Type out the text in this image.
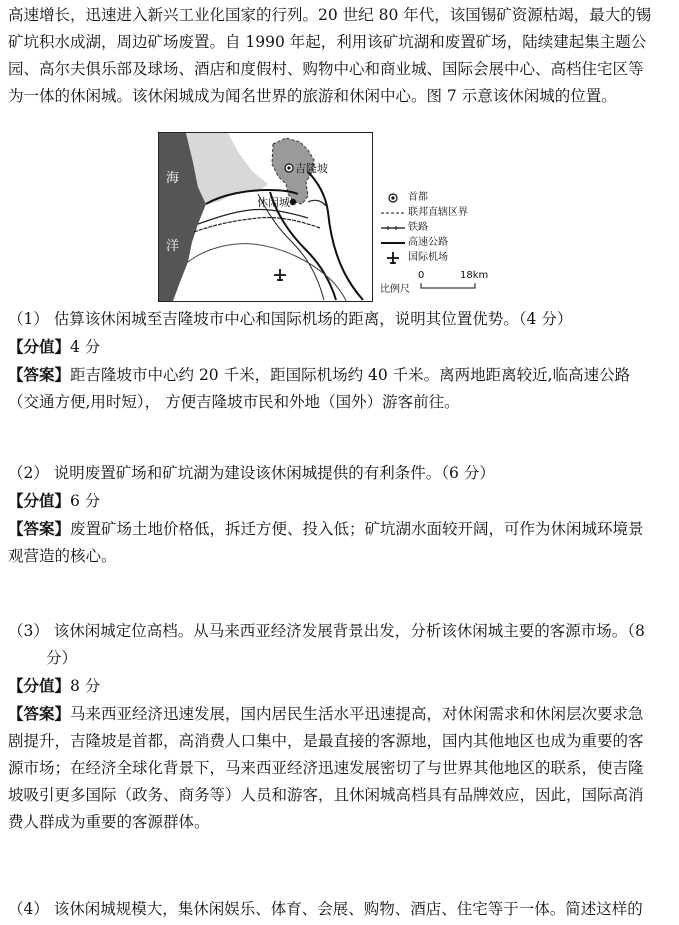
高速增长，迅速进入新兴工业化国家的行列。20 世纪 80 年代，该国锡矿资源枯竭，最大的锡
矿坑积水成湖，周边矿场废置。自 1990 年起，利用该矿坑湖和废置矿场，陆续建起集主题公
园、高尔夫俱乐部及球场、酒店和度假村、购物中心和商业城、国际会展中心、高档住宅区等
为一体的休闲城。该休闲城成为闻名世界的旅游和休闲中心。图 7 示意该休闲城的位置。
海
洋
吉隆坡
休闲城	首都
联邦直辖区界
铁路
高速公路
国际机场
比例尺
0	18km
（1） 估算该休闲城至吉隆坡市中心和国际机场的距离，说明其位置优势。（4 分）
【分值】4 分
【答案】距吉隆坡市中心约 20 千米，距国际机场约 40 千米。离两地距离较近,临高速公路
（交通方便,用时短）， 方便吉隆坡市民和外地（国外）游客前往。
（2） 说明废置矿场和矿坑湖为建设该休闲城提供的有利条件。（6 分）
【分值】6 分
【答案】废置矿场土地价格低，拆迁方便、投入低；矿坑湖水面较开阔，可作为休闲城环境景
观营造的核心。
（3） 该休闲城定位高档。从马来西亚经济发展背景出发，分析该休闲城主要的客源市场。（8
分）
【分值】8 分
【答案】马来西亚经济迅速发展，国内居民生活水平迅速提高，对休闲需求和休闲层次要求急
剧提升，吉隆坡是首都，高消费人口集中，是最直接的客源地，国内其他地区也成为重要的客
源市场；在经济全球化背景下，马来西亚经济迅速发展密切了与世界其他地区的联系，使吉隆
坡吸引更多国际（政务、商务等）人员和游客，且休闲城高档具有品牌效应，因此，国际高消
费人群成为重要的客源群体。
（4） 该休闲城规模大，集休闲娱乐、体育、会展、购物、酒店、住宅等于一体。简述这样的
